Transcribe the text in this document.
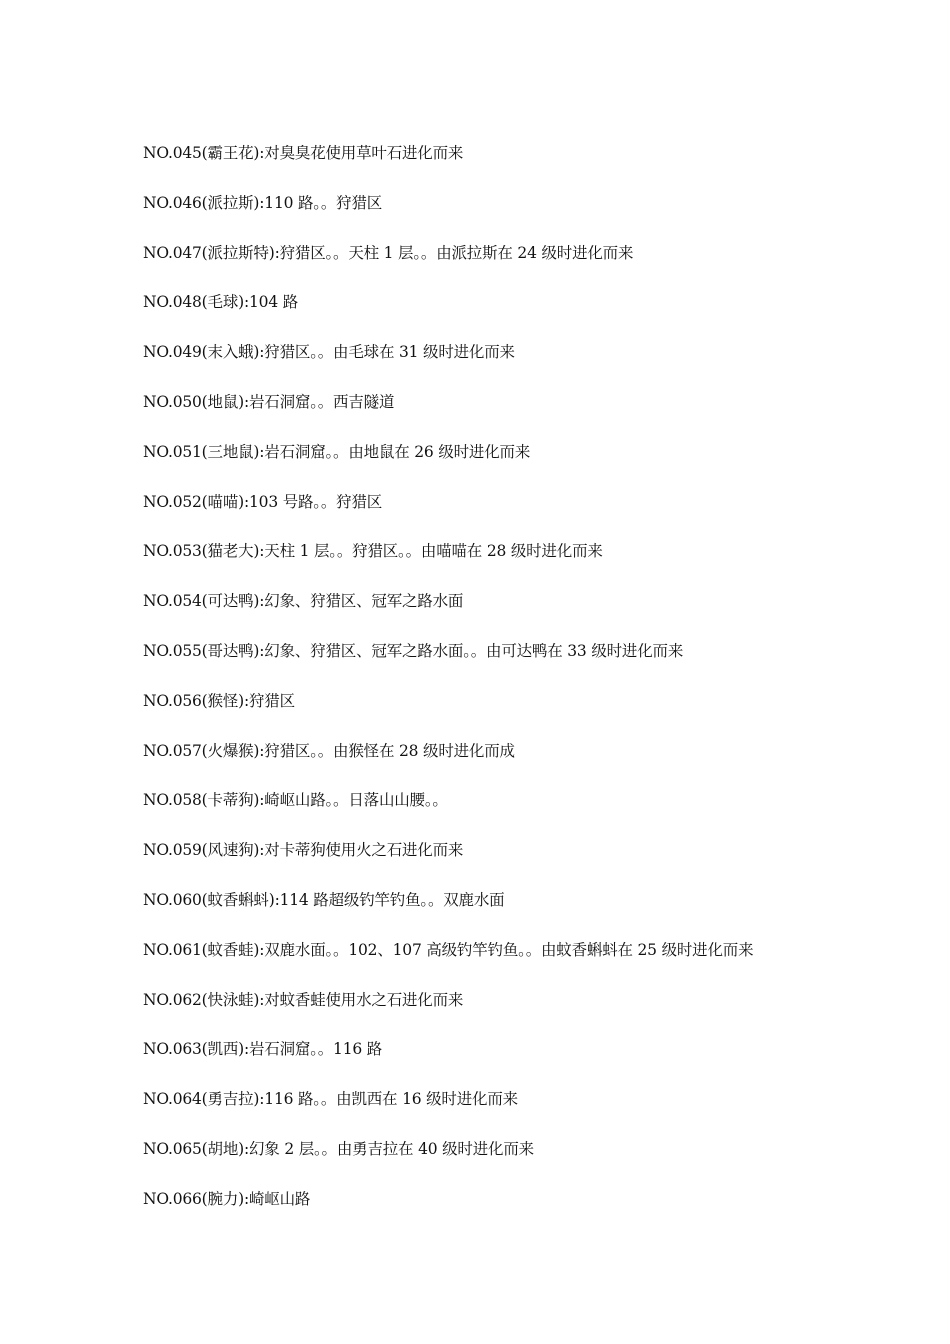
NO.045(霸王花):对臭臭花使用草叶石进化而来
NO.046(派拉斯):110 路。。狩猎区
NO.047(派拉斯特):狩猎区。。天柱 1 层。。由派拉斯在 24 级时进化而来
NO.048(毛球):104 路
NO.049(末入蛾):狩猎区。。由毛球在 31 级时进化而来
NO.050(地鼠):岩石洞窟。。西吉隧道
NO.051(三地鼠):岩石洞窟。。由地鼠在 26 级时进化而来
NO.052(喵喵):103 号路。。狩猎区
NO.053(猫老大):天柱 1 层。。狩猎区。。由喵喵在 28 级时进化而来
NO.054(可达鸭):幻象、狩猎区、冠军之路水面
NO.055(哥达鸭):幻象、狩猎区、冠军之路水面。。由可达鸭在 33 级时进化而来
NO.056(猴怪):狩猎区
NO.057(火爆猴):狩猎区。。由猴怪在 28 级时进化而成
NO.058(卡蒂狗):崎岖山路。。日落山山腰。。
NO.059(风速狗):对卡蒂狗使用火之石进化而来
NO.060(蚊香蝌蚪):114 路超级钓竿钓鱼。。双鹿水面
NO.061(蚊香蛙):双鹿水面。。102、107 高级钓竿钓鱼。。由蚊香蝌蚪在 25 级时进化而来
NO.062(快泳蛙):对蚊香蛙使用水之石进化而来
NO.063(凯西):岩石洞窟。。116 路
NO.064(勇吉拉):116 路。。由凯西在 16 级时进化而来
NO.065(胡地):幻象 2 层。。由勇吉拉在 40 级时进化而来
NO.066(腕力):崎岖山路
